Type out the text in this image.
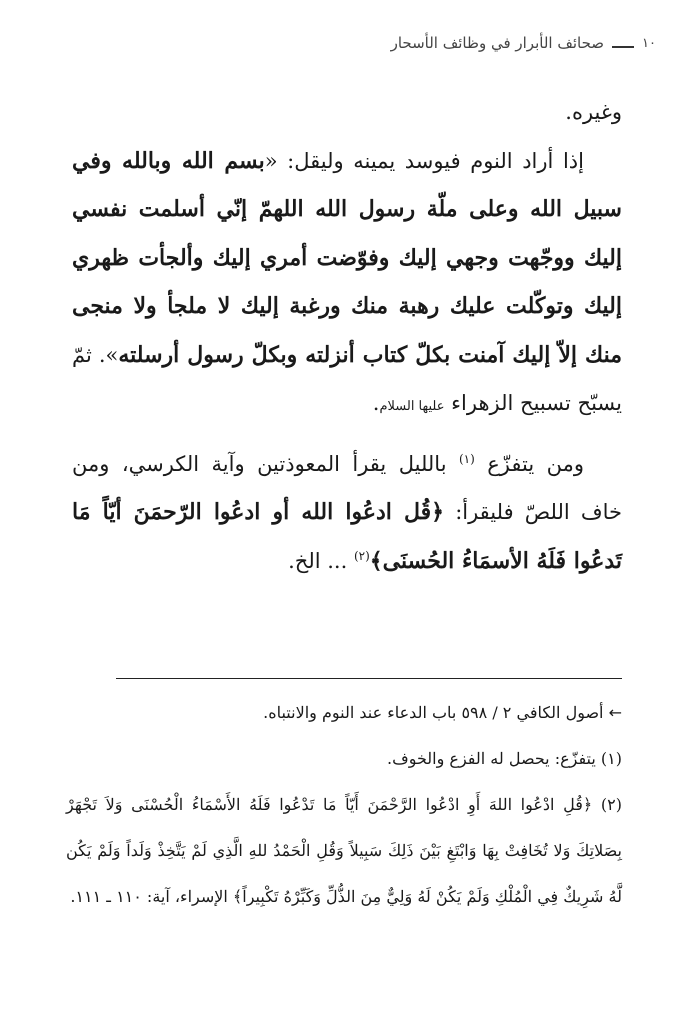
١٠
صحائف الأبرار في وظائف الأسحار

وغيره.

إذا أراد النوم فيوسد يمينه وليقل: «بسم الله وبالله وفي سبيل الله وعلى ملّة رسول الله اللهمّ إنّي أسلمت نفسي إليك ووجّهت وجهي إليك وفوّضت أمري إليك وألجأت ظهري إليك وتوكّلت عليك رهبة منك ورغبة إليك لا ملجأ ولا منجى منك إلاّ إليك آمنت بكلّ كتاب أنزلته وبكلّ رسول أرسلته». ثمّ يسبّح تسبيح الزهراء عليها السلام.

ومن يتفزّع $^{(١)}$ بالليل يقرأ المعوذتين وآية الكرسي، ومن خاف اللصّ فليقرأ: ﴿قُل ادعُوا الله أو ادعُوا الرّحمَنَ أيّاً مَا تَدعُوا فَلَهُ الأسمَاءُ الحُسنَى﴾$^{(٢)}$ ... الخ.

← أصول الكافي ٢ / ٥٩٨ باب الدعاء عند النوم والانتباه.

(١) يتفزّع: يحصل له الفزع والخوف.

(٢) ﴿قُلِ ادْعُوا اللهَ أَوِ ادْعُوا الرَّحْمَنَ أَيّاً مَا تَدْعُوا فَلَهُ الأَسْمَاءُ الْحُسْنَى وَلاَ تَجْهَرْ بِصَلاتِكَ وَلا تُخَافِتْ بِهَا وَابْتَغِ بَيْنَ ذَلِكَ سَبِيلاً وَقُلِ الْحَمْدُ للهِ الَّذِي لَمْ يَتَّخِذْ وَلَداً وَلَمْ يَكُن لَّهُ شَرِيكٌ فِي الْمُلْكِ وَلَمْ يَكُنْ لَهُ وَلِيٌّ مِنَ الذُّلِّ وَكَبِّرْهُ تَكْبِيراً﴾ الإسراء، آية: ١١٠ ـ ١١١.
